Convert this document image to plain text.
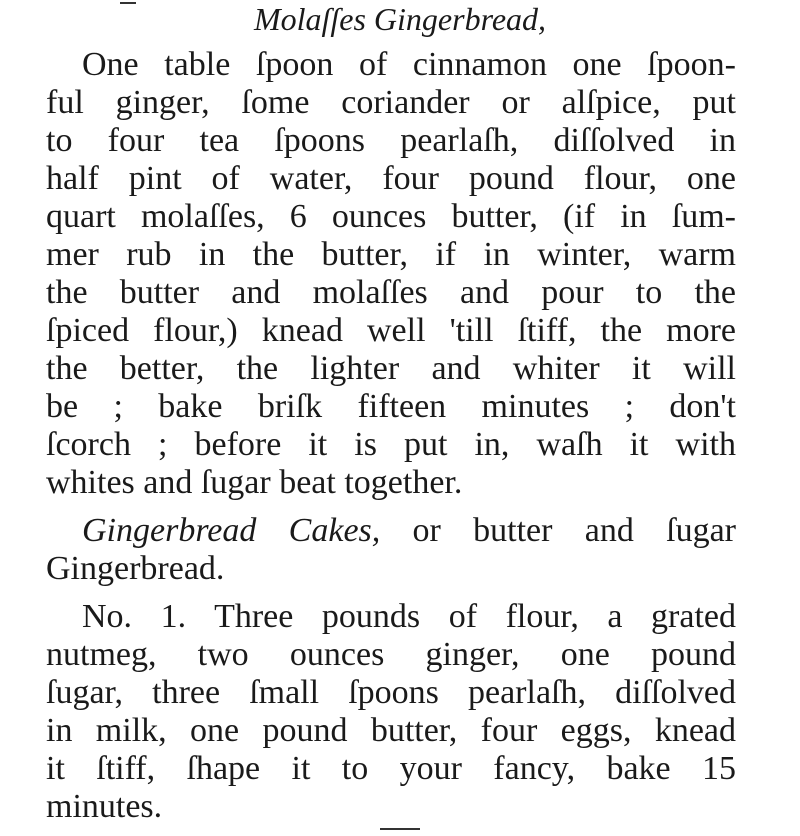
Molaſſes Gingerbread,
One table ſpoon of cinnamon one ſpoon-
ful ginger, ſome coriander or alſpice, put
to four tea ſpoons pearlaſh, diſſolved in
half pint of water, four pound flour, one
quart molaſſes, 6 ounces butter, (if in ſum-
mer rub in the butter, if in winter, warm
the butter and molaſſes and pour to the
ſpiced flour,) knead well 'till ſtiff, the more
the better, the lighter and whiter it will
be ; bake briſk fifteen minutes ; don't
ſcorch ; before it is put in, waſh it with
whites and ſugar beat together.
Gingerbread Cakes, or butter and ſugar
Gingerbread.
No. 1. Three pounds of flour, a grated
nutmeg, two ounces ginger, one pound
ſugar, three ſmall ſpoons pearlaſh, diſſolved
in milk, one pound butter, four eggs, knead
it ſtiff, ſhape it to your fancy, bake 15
minutes.
